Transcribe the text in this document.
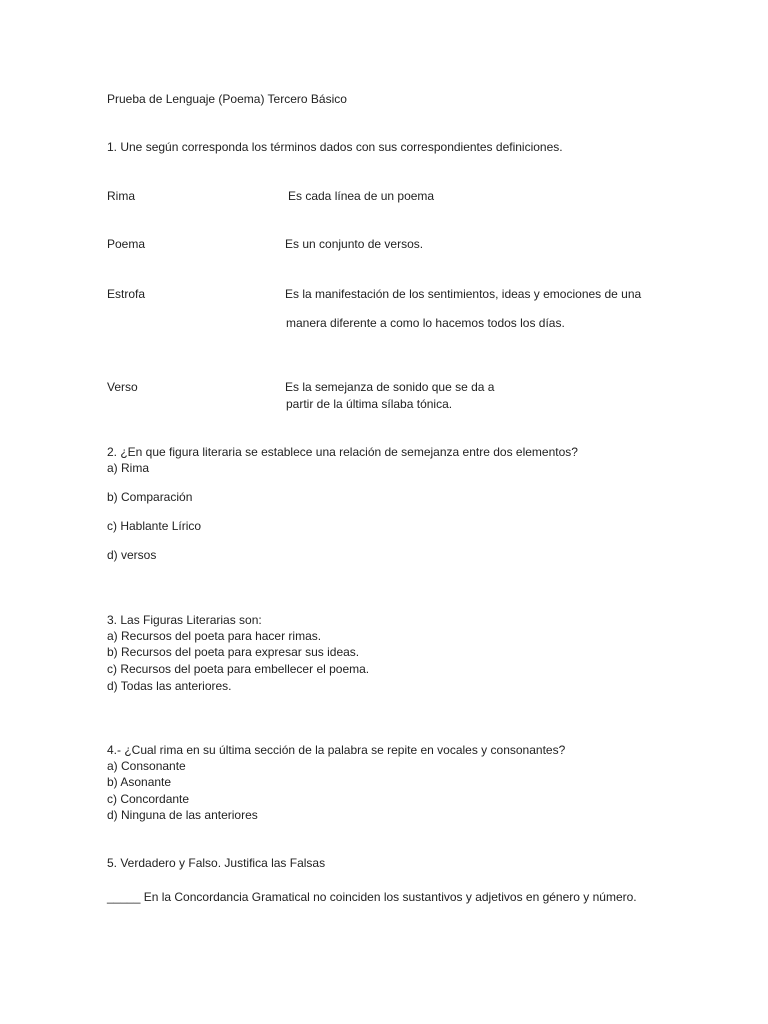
Prueba de Lenguaje (Poema) Tercero Básico
1. Une según corresponda los términos dados con sus correspondientes definiciones.
Rima	Es cada línea de un poema
Poema	Es un conjunto de versos.
Estrofa	Es la manifestación de los sentimientos, ideas y emociones de una
manera diferente a como lo hacemos todos los días.
Verso	Es la semejanza de sonido que se da a
partir de la última sílaba tónica.
2. ¿En que figura literaria se establece una relación de semejanza entre dos elementos?
a) Rima
b) Comparación
c) Hablante Lírico
d) versos
3. Las Figuras Literarias son:
a) Recursos del poeta para hacer rimas.
b) Recursos del poeta para expresar sus ideas.
c) Recursos del poeta para embellecer el poema.
d) Todas las anteriores.
4.- ¿Cual rima en su última sección de la palabra se repite en vocales y consonantes?
a) Consonante
b) Asonante
c) Concordante
d) Ninguna de las anteriores
5. Verdadero y Falso. Justifica las Falsas
_____ En la Concordancia Gramatical no coinciden los sustantivos y adjetivos en género y número.
